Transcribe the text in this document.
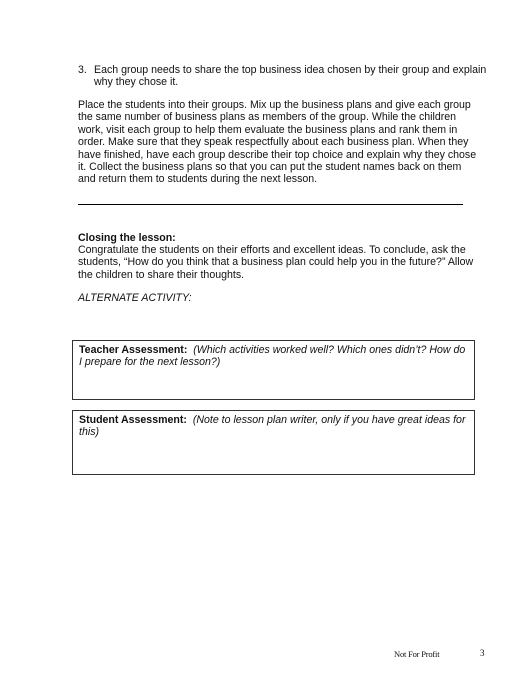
3. Each group needs to share the top business idea chosen by their group and explain why they chose it.

Place the students into their groups. Mix up the business plans and give each group the same number of business plans as members of the group. While the children work, visit each group to help them evaluate the business plans and rank them in order. Make sure that they speak respectfully about each business plan. When they have finished, have each group describe their top choice and explain why they chose it. Collect the business plans so that you can put the student names back on them and return them to students during the next lesson.

Closing the lesson:

Congratulate the students on their efforts and excellent ideas. To conclude, ask the students, “How do you think that a business plan could help you in the future?” Allow the children to share their thoughts.

ALTERNATE ACTIVITY:
Teacher Assessment: (Which activities worked well? Which ones didn’t? How do I prepare for the next lesson?)
Student Assessment: (Note to lesson plan writer, only if you have great ideas for this)
Not For Profit	3
